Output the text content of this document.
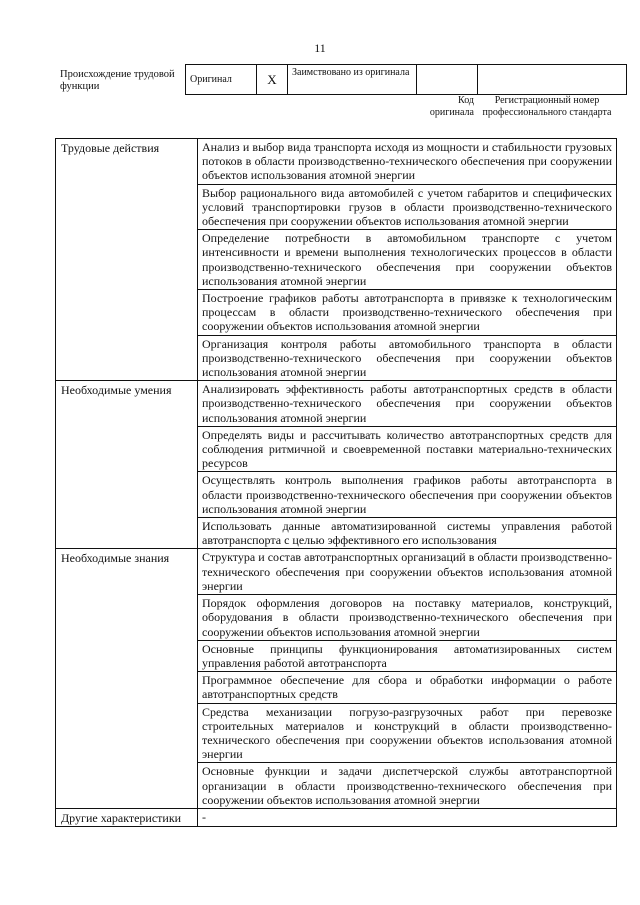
11
Происхождение трудовой функции
Оригинал	X	Заимствовано из оригинала		
Код оригинала
Регистрационный номер профессионального стандарта
Трудовые действия	Анализ и выбор вида транспорта исходя из мощности и стабильности грузовых потоков в области производственно-технического обеспечения при сооружении объектов использования атомной энергии
	Выбор рационального вида автомобилей с учетом габаритов и специфических условий транспортировки грузов в области производственно-технического обеспечения при сооружении объектов использования атомной энергии
	Определение потребности в автомобильном транспорте с учетом интенсивности и времени выполнения технологических процессов в области производственно-технического обеспечения при сооружении объектов использования атомной энергии
	Построение графиков работы автотранспорта в привязке к технологическим процессам в области производственно-технического обеспечения при сооружении объектов использования атомной энергии
	Организация контроля работы автомобильного транспорта в области производственно-технического обеспечения при сооружении объектов использования атомной энергии
Необходимые умения	Анализировать эффективность работы автотранспортных средств в области производственно-технического обеспечения при сооружении объектов использования атомной энергии
	Определять виды и рассчитывать количество автотранспортных средств для соблюдения ритмичной и своевременной поставки материально-технических ресурсов
	Осуществлять контроль выполнения графиков работы автотранспорта в области производственно-технического обеспечения при сооружении объектов использования атомной энергии
	Использовать данные автоматизированной системы управления работой автотранспорта с целью эффективного его использования
Необходимые знания	Структура и состав автотранспортных организаций в области производственно-технического обеспечения при сооружении объектов использования атомной энергии
	Порядок оформления договоров на поставку материалов, конструкций, оборудования в области производственно-технического обеспечения при сооружении объектов использования атомной энергии
	Основные принципы функционирования автоматизированных систем управления работой автотранспорта
	Программное обеспечение для сбора и обработки информации о работе автотранспортных средств
	Средства механизации погрузо-разгрузочных работ при перевозке строительных материалов и конструкций в области производственно-технического обеспечения при сооружении объектов использования атомной энергии
	Основные функции и задачи диспетчерской службы автотранспортной организации в области производственно-технического обеспечения при сооружении объектов использования атомной энергии
Другие характеристики	-
